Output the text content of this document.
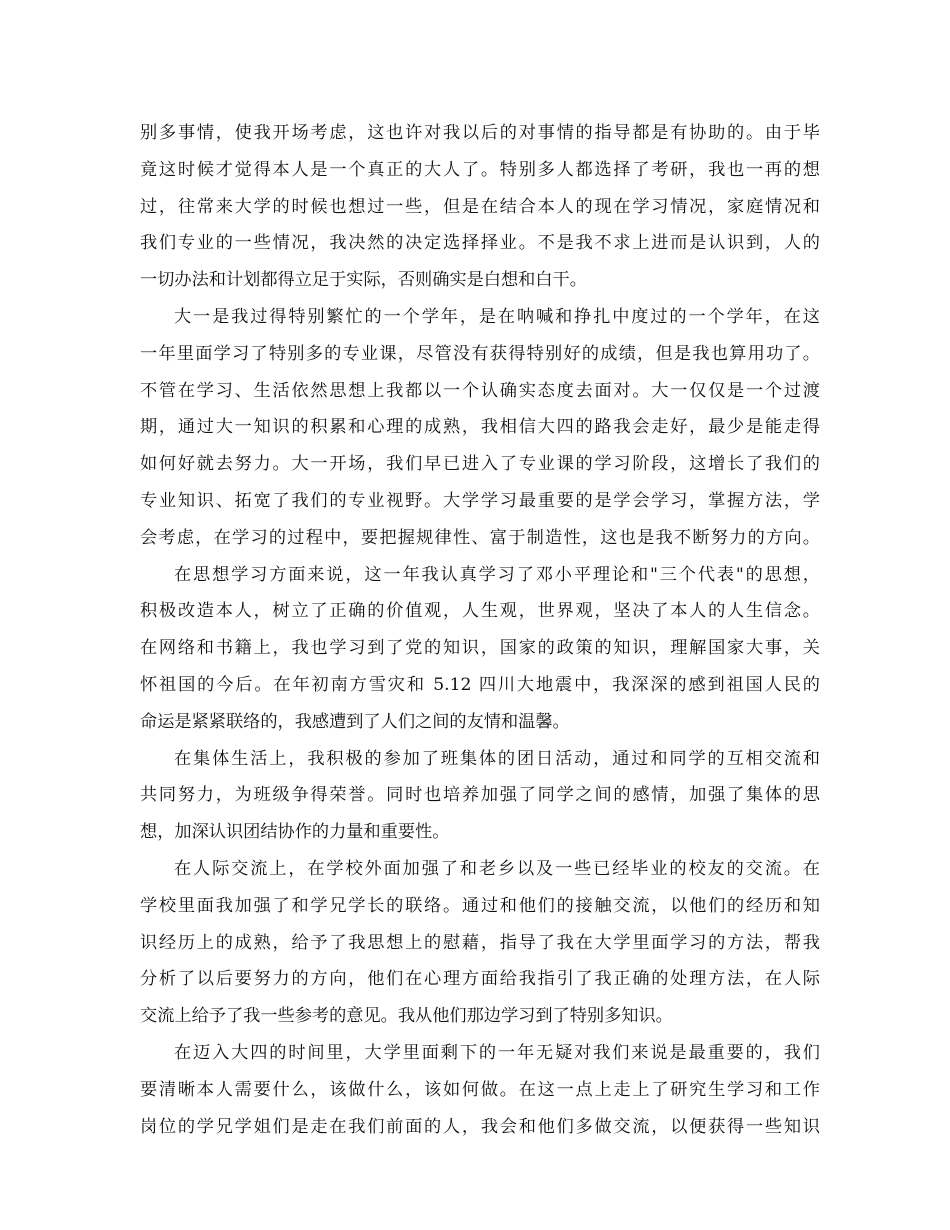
别多事情，使我开场考虑，这也许对我以后的对事情的指导都是有协助的。由于毕
竟这时候才觉得本人是一个真正的大人了。特别多人都选择了考研，我也一再的想
过，往常来大学的时候也想过一些，但是在结合本人的现在学习情况，家庭情况和
我们专业的一些情况，我决然的决定选择择业。不是我不求上进而是认识到，人的
一切办法和计划都得立足于实际，否则确实是白想和白干。
大一是我过得特别繁忙的一个学年，是在呐喊和挣扎中度过的一个学年，在这
一年里面学习了特别多的专业课，尽管没有获得特别好的成绩，但是我也算用功了。
不管在学习、生活依然思想上我都以一个认确实态度去面对。大一仅仅是一个过渡
期，通过大一知识的积累和心理的成熟，我相信大四的路我会走好，最少是能走得
如何好就去努力。大一开场，我们早已进入了专业课的学习阶段，这增长了我们的
专业知识、拓宽了我们的专业视野。大学学习最重要的是学会学习，掌握方法，学
会考虑，在学习的过程中，要把握规律性、富于制造性，这也是我不断努力的方向。
在思想学习方面来说，这一年我认真学习了邓小平理论和"三个代表"的思想，
积极改造本人，树立了正确的价值观，人生观，世界观，坚决了本人的人生信念。
在网络和书籍上，我也学习到了党的知识，国家的政策的知识，理解国家大事，关
怀祖国的今后。在年初南方雪灾和 5.12 四川大地震中，我深深的感到祖国人民的
命运是紧紧联络的，我感遭到了人们之间的友情和温馨。
在集体生活上，我积极的参加了班集体的团日活动，通过和同学的互相交流和
共同努力，为班级争得荣誉。同时也培养加强了同学之间的感情，加强了集体的思
想，加深认识团结协作的力量和重要性。
在人际交流上，在学校外面加强了和老乡以及一些已经毕业的校友的交流。在
学校里面我加强了和学兄学长的联络。通过和他们的接触交流，以他们的经历和知
识经历上的成熟，给予了我思想上的慰藉，指导了我在大学里面学习的方法，帮我
分析了以后要努力的方向，他们在心理方面给我指引了我正确的处理方法，在人际
交流上给予了我一些参考的意见。我从他们那边学习到了特别多知识。
在迈入大四的时间里，大学里面剩下的一年无疑对我们来说是最重要的，我们
要清晰本人需要什么，该做什么，该如何做。在这一点上走上了研究生学习和工作
岗位的学兄学姐们是走在我们前面的人，我会和他们多做交流，以便获得一些知识
